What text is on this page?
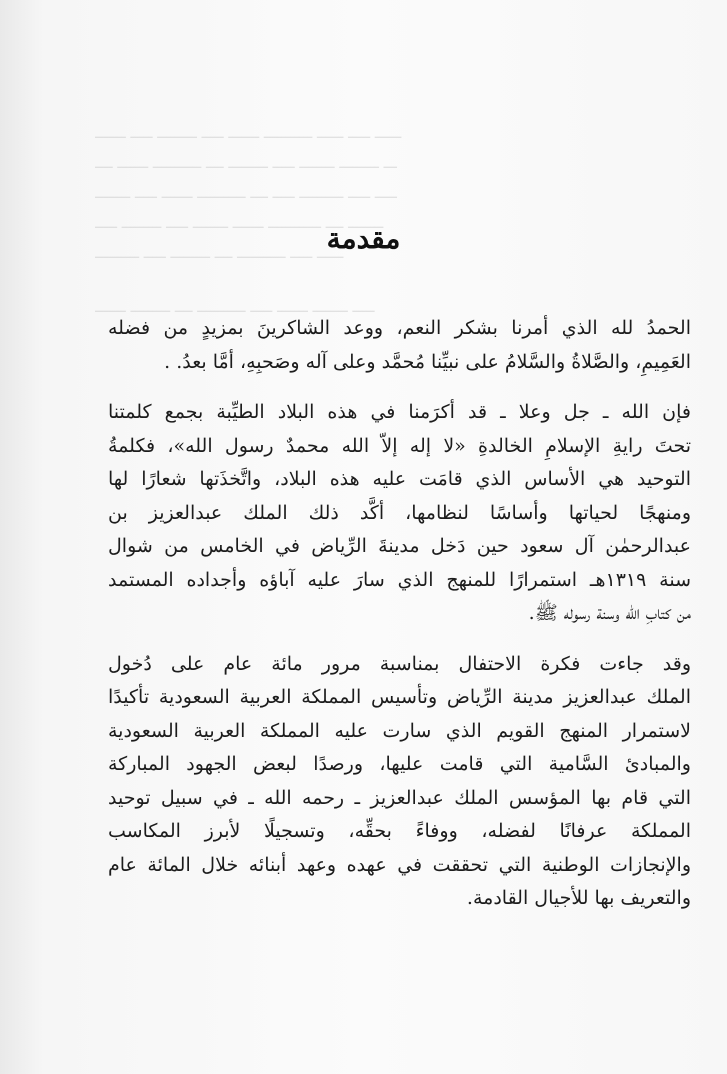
ـــــــ ـــــ ـــــــــ ـــــ ـــــــ ـــــــــــ ــــــ ـــــ ــــــ
ــــ ـــــــ ـــــــــــ ــــ ـــــــــ ـــــ ــــــــ ـــــــــ ـــ
ــــــــ ـــــ ـــــــ ـــــــــــ ــــ ـــــ ــــــــــ ـــــ ـــــ
ـــــ ـــــــــ ـــــ ــــــــ ـــــــ ــــــــــــ ــــ ــــــــ
ــــــــــ ـــــ ـــــــــ ــــ ـــــــــــ ـــــ ــــــ
ـــــــ ـــــــــ ــــ ـــــــــــ ـــــ ـــــــ ــــــــ ـــــ
مقدمة

الحمدُ لله الذي أمرنا بشكر النعم، ووعد الشاكرينَ بمزيدٍ من فضله
العَمِيمِ، والصَّلاةُ والسَّلامُ على نبيِّنا مُحمَّد وعلى آله وصَحبِهِ، أمَّا بعدُ. .

فإن الله ـ جل وعلا ـ قد أكرَمنا في هذه البلاد الطيِّبة بجمع كلمتنا
تحتَ رايةِ الإسلامِ الخالدةِ «لا إله إلاّ الله محمدٌ رسول الله»، فكلمةُ
التوحيد هي الأساس الذي قامَت عليه هذه البلاد، واتَّخذَتها شعارًا لها
ومنهجًا لحياتها وأساسًا لنظامها، أكَّد ذلك الملك عبدالعزيز بن
عبدالرحمٰن آل سعود حين دَخل مدينةَ الرِّياض في الخامس من شوال
سنة ١٣١٩هـ استمرارًا للمنهج الذي سارَ عليه آباؤه وأجداده المستمد
من كتابِ الله وسنة رسوله ﷺ.

وقد جاءت فكرة الاحتفال بمناسبة مرور مائة عام على دُخول
الملك عبدالعزيز مدينة الرِّياض وتأسيس المملكة العربية السعودية تأكيدًا
لاستمرار المنهج القويم الذي سارت عليه المملكة العربية السعودية
والمبادئ السَّامية التي قامت عليها، ورصدًا لبعض الجهود المباركة
التي قام بها المؤسس الملك عبدالعزيز ـ رحمه الله ـ في سبيل توحيد
المملكة عرفانًا لفضله، ووفاءً بحقِّه، وتسجيلًا لأبرز المكاسب
والإنجازات الوطنية التي تحققت في عهده وعهد أبنائه خلال المائة عام
والتعريف بها للأجيال القادمة.
